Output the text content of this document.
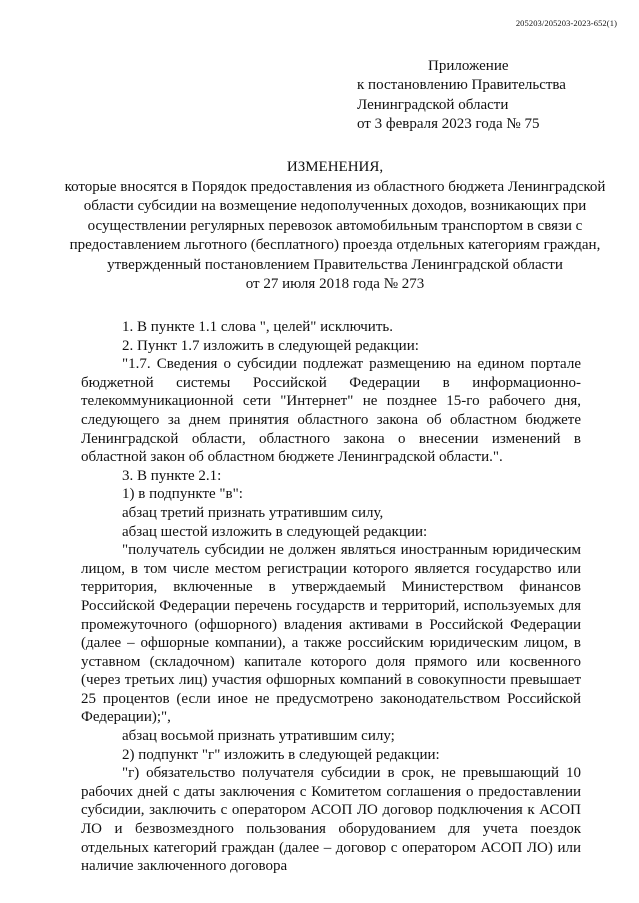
205203/205203-2023-652(1)
Приложение
к постановлению Правительства
Ленинградской области
от 3 февраля 2023 года № 75
ИЗМЕНЕНИЯ,
которые вносятся в Порядок предоставления из областного бюджета Ленинградской области субсидии на возмещение недополученных доходов, возникающих при осуществлении регулярных перевозок автомобильным транспортом в связи с предоставлением льготного (бесплатного) проезда отдельных категориям граждан, утвержденный постановлением Правительства Ленинградской области
от 27 июля 2018 года № 273
1. В пункте 1.1 слова ", целей" исключить.
2. Пункт 1.7 изложить в следующей редакции:
"1.7. Сведения о субсидии подлежат размещению на едином портале бюджетной системы Российской Федерации в информационно-телекоммуникационной сети "Интернет" не позднее 15-го рабочего дня, следующего за днем принятия областного закона об областном бюджете Ленинградской области, областного закона о внесении изменений в областной закон об областном бюджете Ленинградской области.".
3. В пункте 2.1:
1) в подпункте "в":
абзац третий признать утратившим силу,
абзац шестой изложить в следующей редакции:
"получатель субсидии не должен являться иностранным юридическим лицом, в том числе местом регистрации которого является государство или территория, включенные в утверждаемый Министерством финансов Российской Федерации перечень государств и территорий, используемых для промежуточного (офшорного) владения активами в Российской Федерации (далее – офшорные компании), а также российским юридическим лицом, в уставном (складочном) капитале которого доля прямого или косвенного (через третьих лиц) участия офшорных компаний в совокупности превышает 25 процентов (если иное не предусмотрено законодательством Российской Федерации);",
абзац восьмой признать утратившим силу;
2) подпункт "г" изложить в следующей редакции:
"г) обязательство получателя субсидии в срок, не превышающий 10 рабочих дней с даты заключения с Комитетом соглашения о предоставлении субсидии, заключить с оператором АСОП ЛО договор подключения к АСОП ЛО и безвозмездного пользования оборудованием для учета поездок отдельных категорий граждан (далее – договор с оператором АСОП ЛО) или наличие заключенного договора
